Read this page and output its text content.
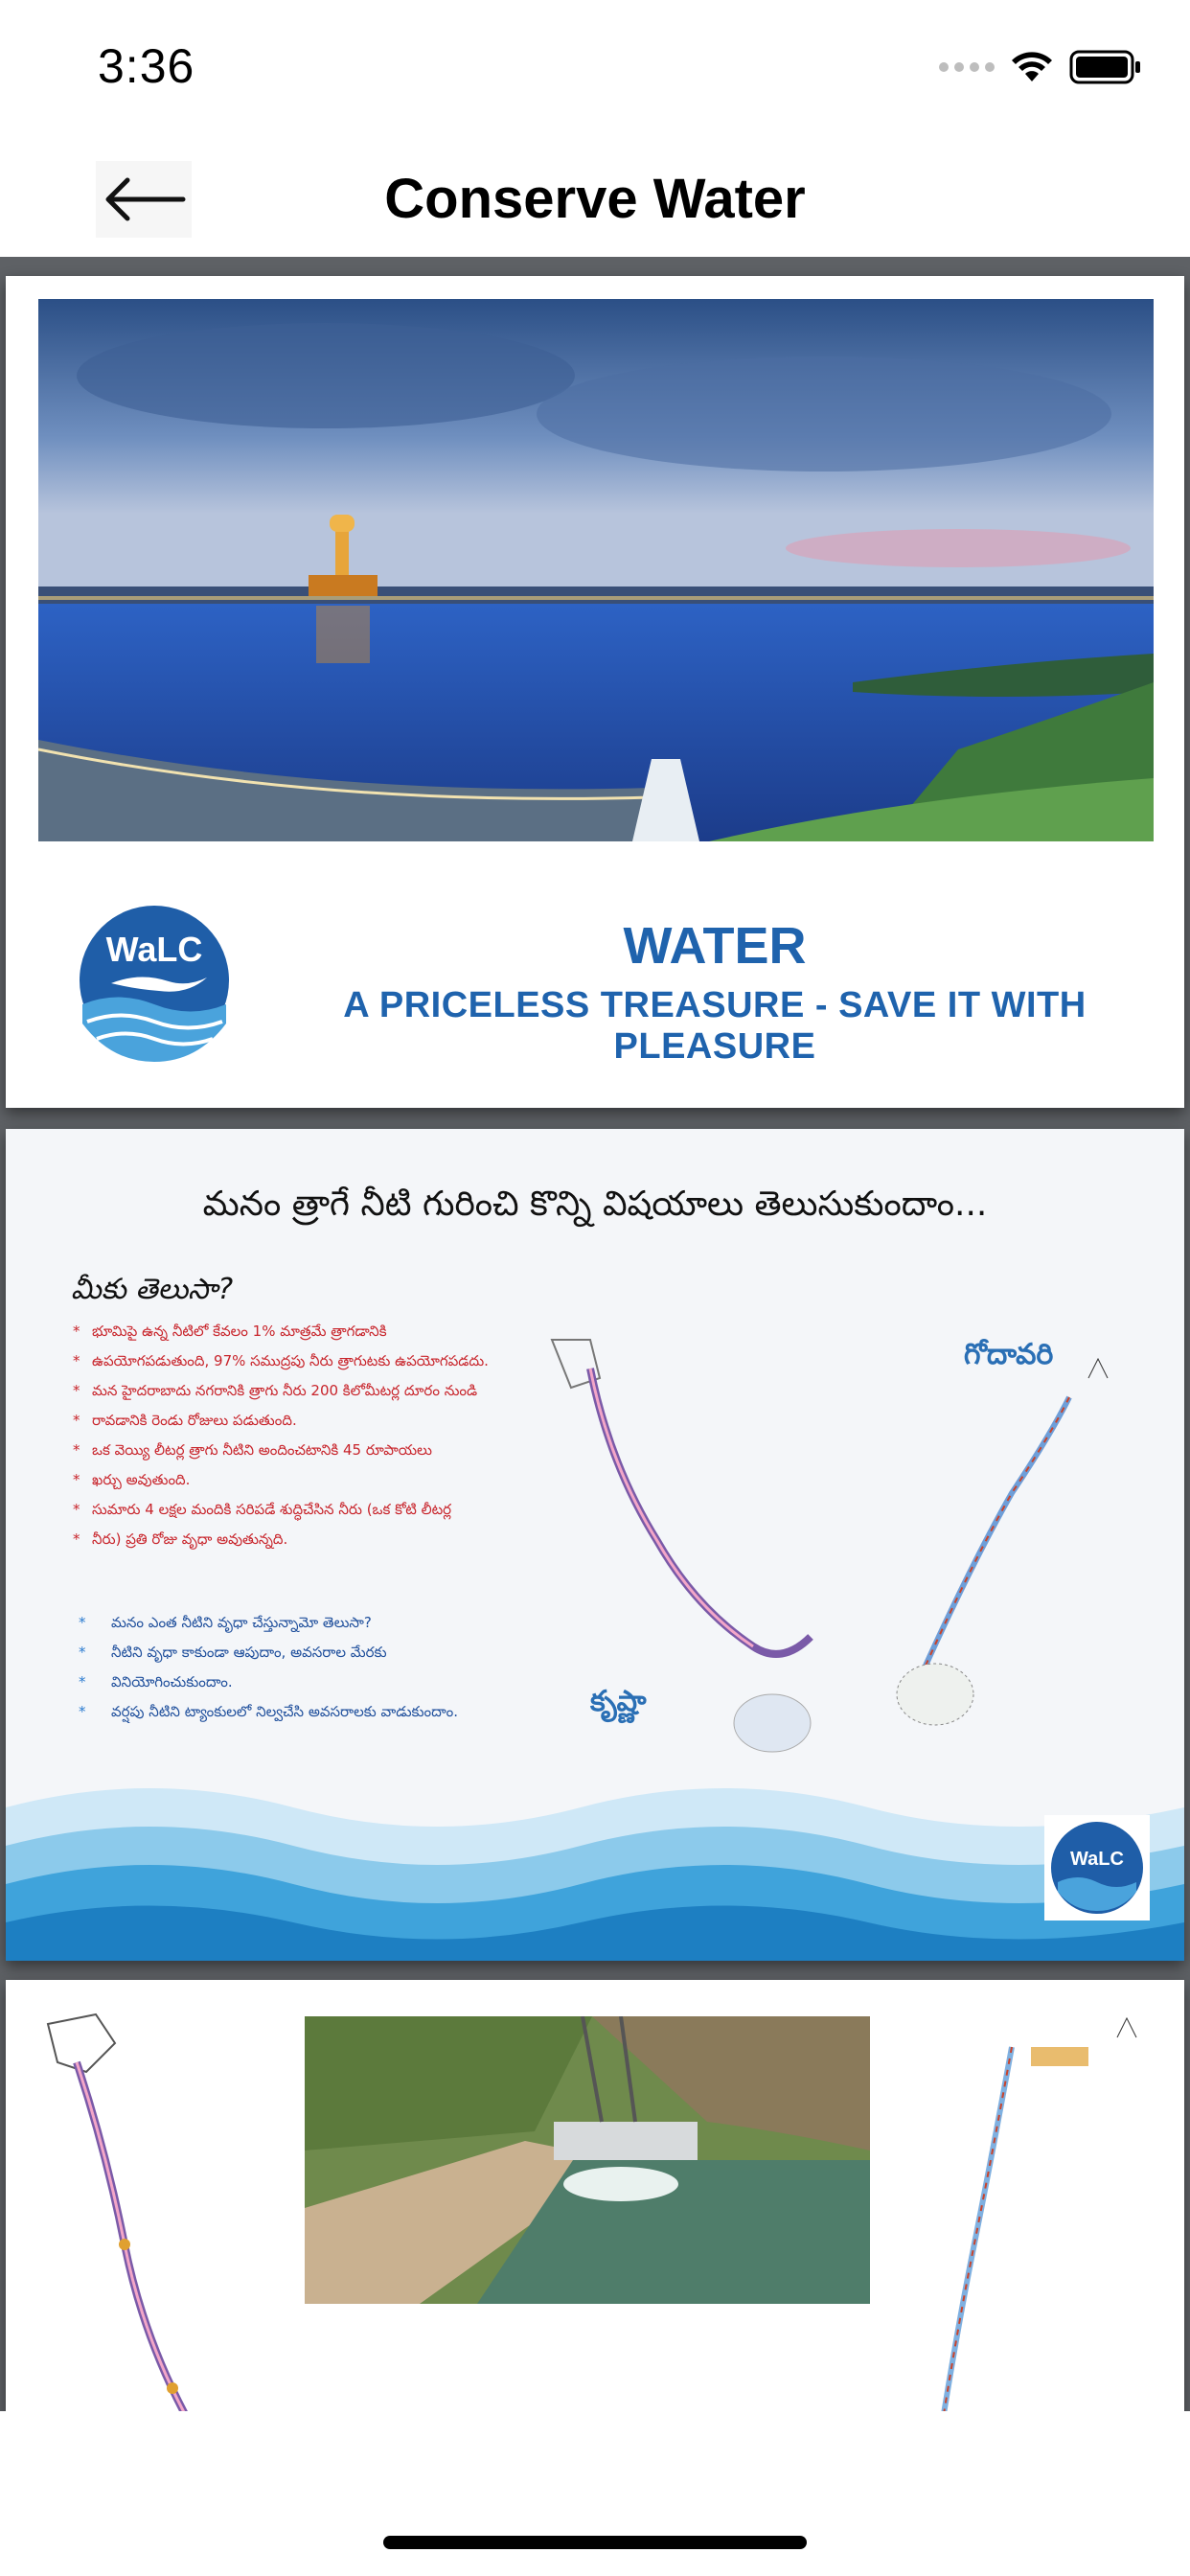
3:36
Conserve Water
WaLC	WATER
A PRICELESS TREASURE - SAVE IT WITH PLEASURE
మనం త్రాగే నీటి గురించి కొన్ని విషయాలు తెలుసుకుందాం...
మీకు తెలుసా?
* భూమిపై ఉన్న నీటిలో కేవలం 1% మాత్రమే త్రాగడానికి
* ఉపయోగపడుతుంది, 97% సముద్రపు నీరు త్రాగుటకు ఉపయోగపడదు.
* మన హైదరాబాదు నగరానికి త్రాగు నీరు 200 కిలోమీటర్ల దూరం నుండి
* రావడానికి రెండు రోజులు పడుతుంది.
* ఒక వెయ్యి లీటర్ల త్రాగు నీటిని అందించటానికి 45 రూపాయలు
* ఖర్చు అవుతుంది.
* సుమారు 4 లక్షల మందికి సరిపడే శుద్ధిచేసిన నీరు (ఒక కోటి లీటర్ల
* నీరు) ప్రతి రోజు వృధా అవుతున్నది.
* మనం ఎంత నీటిని వృధా చేస్తున్నామో తెలుసా?
* నీటిని వృధా కాకుండా ఆపుదాం, అవసరాల మేరకు
* వినియోగించుకుందాం.
* వర్షపు నీటిని ట్యాంకులలో నిల్వచేసి అవసరాలకు వాడుకుందాం.
గోదావరి
కృష్ణా
WaLC
